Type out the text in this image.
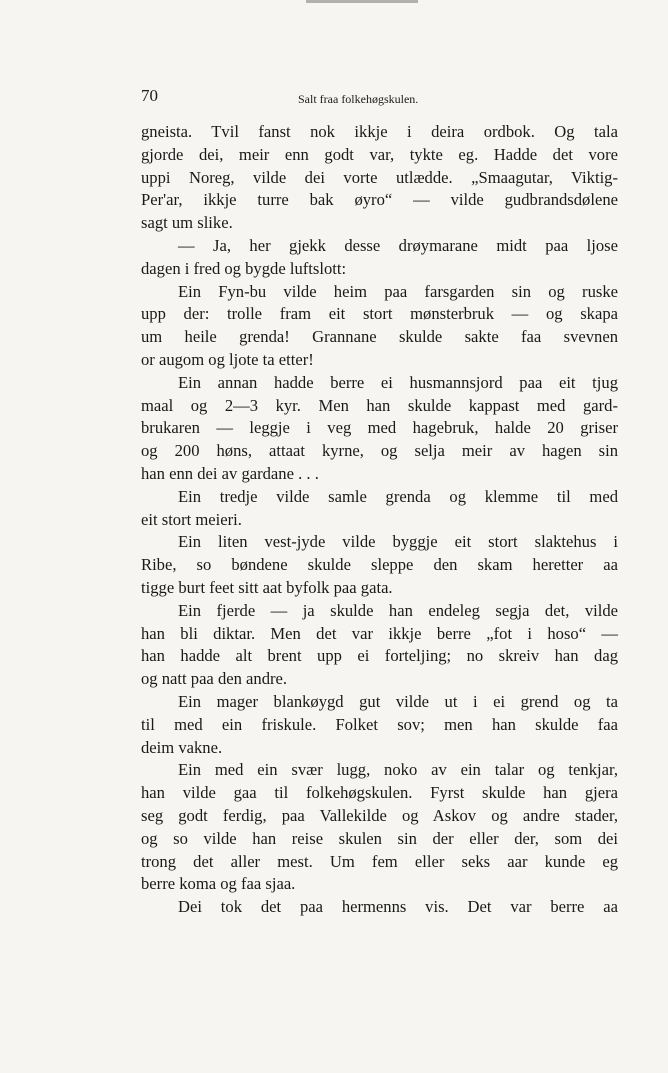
70	Salt fraa folkehøgskulen.
gneista. Tvil fanst nok ikkje i deira ordbok. Og tala
gjorde dei, meir enn godt var, tykte eg. Hadde det vore
uppi Noreg, vilde dei vorte utlædde. „Smaagutar, Viktig-
Per'ar, ikkje turre bak øyro“ — vilde gudbrandsdølene
sagt um slike.
— Ja, her gjekk desse drøymarane midt paa ljose
dagen i fred og bygde luftslott:
Ein Fyn-bu vilde heim paa farsgarden sin og ruske
upp der: trolle fram eit stort mønsterbruk — og skapa
um heile grenda! Grannane skulde sakte faa svevnen
or augom og ljote ta etter!
Ein annan hadde berre ei husmannsjord paa eit tjug
maal og 2—3 kyr. Men han skulde kappast med gard-
brukaren — leggje i veg med hagebruk, halde 20 griser
og 200 høns, attaat kyrne, og selja meir av hagen sin
han enn dei av gardane . . .
Ein tredje vilde samle grenda og klemme til med
eit stort meieri.
Ein liten vest-jyde vilde byggje eit stort slaktehus i
Ribe, so bøndene skulde sleppe den skam heretter aa
tigge burt feet sitt aat byfolk paa gata.
Ein fjerde — ja skulde han endeleg segja det, vilde
han bli diktar. Men det var ikkje berre „fot i hoso“ —
han hadde alt brent upp ei forteljing; no skreiv han dag
og natt paa den andre.
Ein mager blankøygd gut vilde ut i ei grend og ta
til med ein friskule. Folket sov; men han skulde faa
deim vakne.
Ein med ein svær lugg, noko av ein talar og tenkjar,
han vilde gaa til folkehøgskulen. Fyrst skulde han gjera
seg godt ferdig, paa Vallekilde og Askov og andre stader,
og so vilde han reise skulen sin der eller der, som dei
trong det aller mest. Um fem eller seks aar kunde eg
berre koma og faa sjaa.
Dei tok det paa hermenns vis. Det var berre aa
